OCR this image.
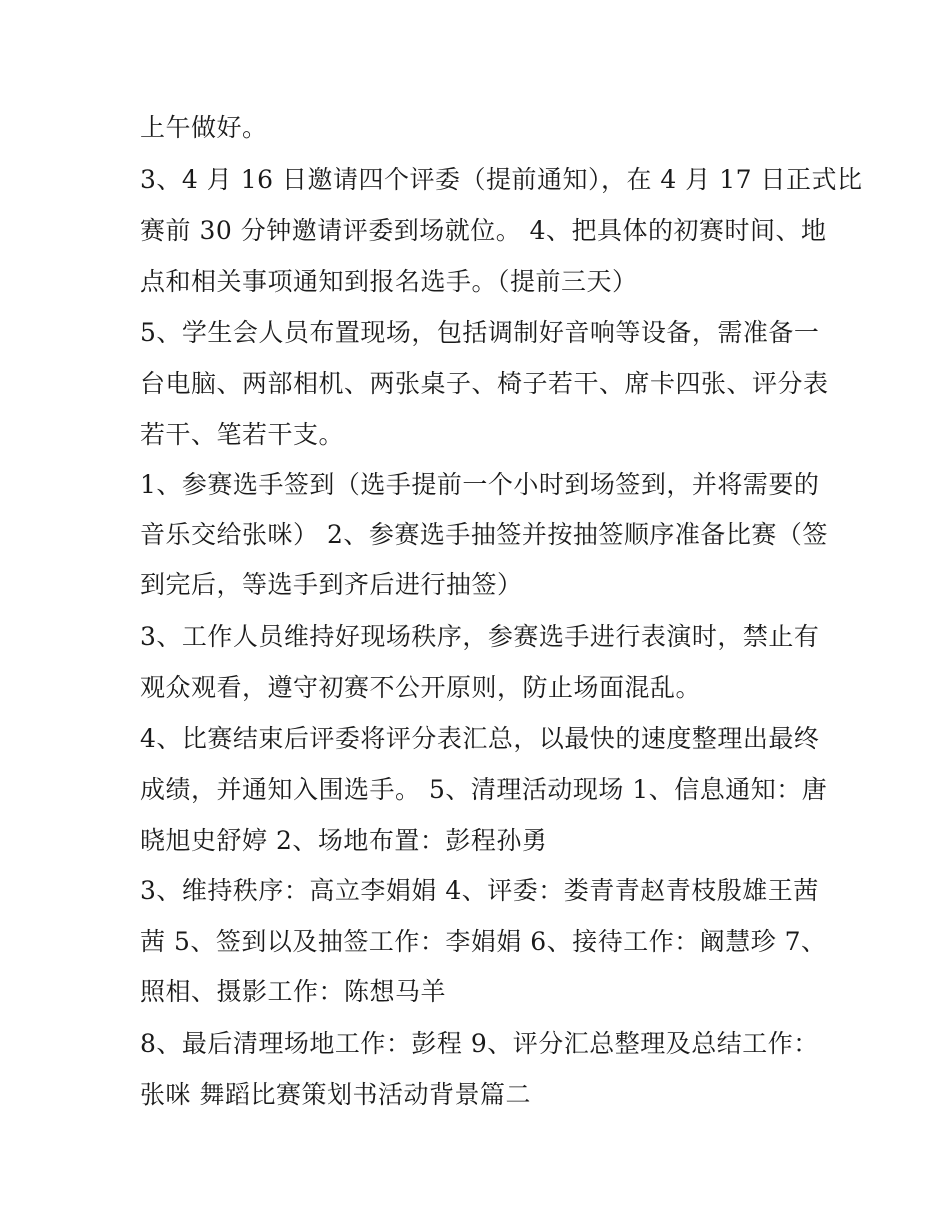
上午做好。
3、4 月 16 日邀请四个评委（提前通知），在 4 月 17 日正式比
赛前 30 分钟邀请评委到场就位。 4、把具体的初赛时间、地
点和相关事项通知到报名选手。（提前三天）
5、学生会人员布置现场，包括调制好音响等设备，需准备一
台电脑、两部相机、两张桌子、椅子若干、席卡四张、评分表
若干、笔若干支。
1、参赛选手签到（选手提前一个小时到场签到，并将需要的
音乐交给张咪） 2、参赛选手抽签并按抽签顺序准备比赛（签
到完后，等选手到齐后进行抽签）
3、工作人员维持好现场秩序，参赛选手进行表演时，禁止有
观众观看，遵守初赛不公开原则，防止场面混乱。
4、比赛结束后评委将评分表汇总，以最快的速度整理出最终
成绩，并通知入围选手。 5、清理活动现场 1、信息通知：唐
晓旭史舒婷 2、场地布置：彭程孙勇
3、维持秩序：高立李娟娟 4、评委：娄青青赵青枝殷雄王茜
茜 5、签到以及抽签工作：李娟娟 6、接待工作：阚慧珍 7、
照相、摄影工作：陈想马羊
8、最后清理场地工作：彭程 9、评分汇总整理及总结工作：
张咪 舞蹈比赛策划书活动背景篇二
